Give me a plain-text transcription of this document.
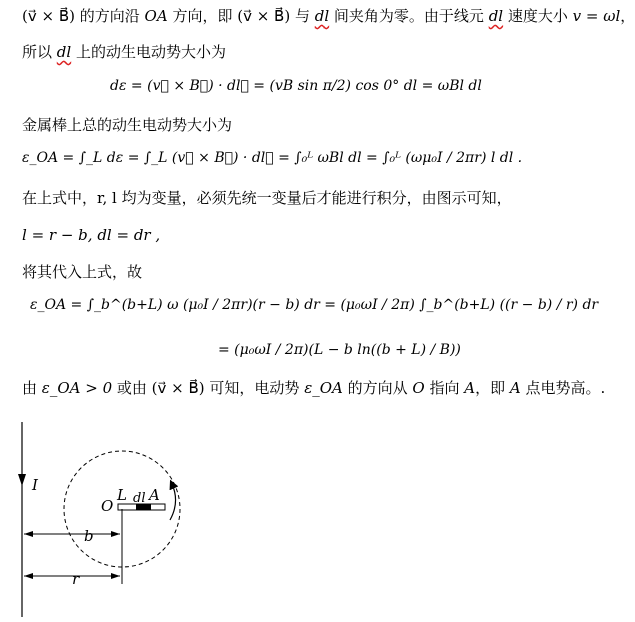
(v⃗ × B⃗) 的方向沿 OA 方向，即 (v⃗ × B⃗) 与 dl 间夹角为零。由于线元 dl 速度大小 v = ωl，
所以 dl 上的动生电动势大小为
dε = (v⃗ × B⃗) · dl⃗ = (vB sin π/2) cos 0° dl = ωBl dl
金属棒上总的动生电动势大小为
ε_OA = ∫_L dε = ∫_L (v⃗ × B⃗) · dl⃗ = ∫₀ᴸ ωBl dl = ∫₀ᴸ (ωμ₀I / 2πr) l dl .
在上式中，r, l 均为变量，必须先统一变量后才能进行积分，由图示可知，
l = r − b, dl = dr ,
将其代入上式，故
ε_OA = ∫_b^(b+L) ω (μ₀I / 2πr)(r − b) dr = (μ₀ωI / 2π) ∫_b^(b+L) ((r − b) / r) dr
= (μ₀ωI / 2π)(L − b ln((b + L) / B))
由 ε_OA > 0 或由 (v⃗ × B⃗) 可知，电动势 ε_OA 的方向从 O 指向 A，即 A 点电势高。.
I
O
L dl A
b
r
